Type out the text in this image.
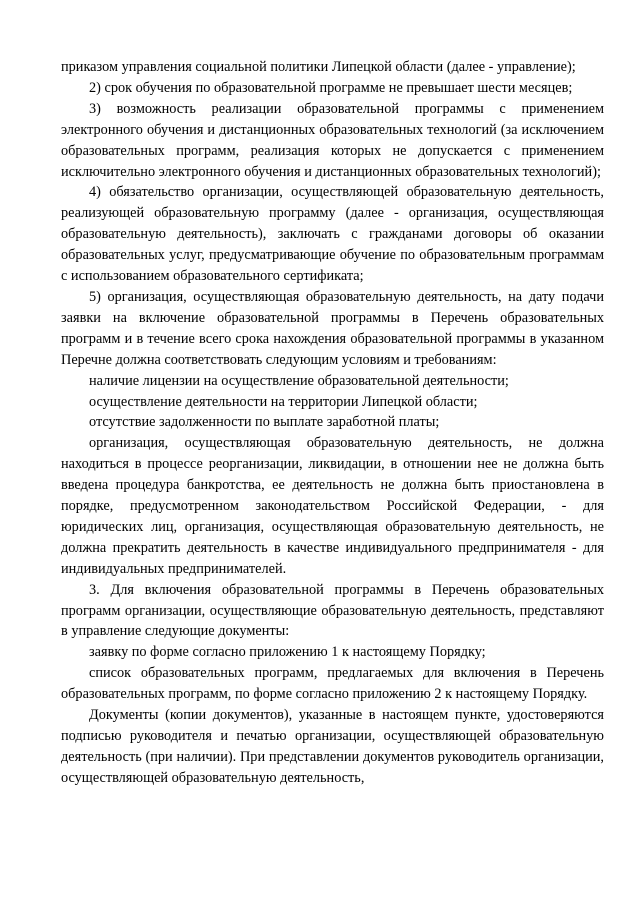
приказом управления социальной политики Липецкой области (далее - управление);

2) срок обучения по образовательной программе не превышает шести месяцев;

3) возможность реализации образовательной программы с применением электронного обучения и дистанционных образовательных технологий (за исключением образовательных программ, реализация которых не допускается с применением исключительно электронного обучения и дистанционных образовательных технологий);

4) обязательство организации, осуществляющей образовательную деятельность, реализующей образовательную программу (далее - организация, осуществляющая образовательную деятельность), заключать с гражданами договоры об оказании образовательных услуг, предусматривающие обучение по образовательным программам с использованием образовательного сертификата;

5) организация, осуществляющая образовательную деятельность, на дату подачи заявки на включение образовательной программы в Перечень образовательных программ и в течение всего срока нахождения образовательной программы в указанном Перечне должна соответствовать следующим условиям и требованиям:

наличие лицензии на осуществление образовательной деятельности;

осуществление деятельности на территории Липецкой области;

отсутствие задолженности по выплате заработной платы;

организация, осуществляющая образовательную деятельность, не должна находиться в процессе реорганизации, ликвидации, в отношении нее не должна быть введена процедура банкротства, ее деятельность не должна быть приостановлена в порядке, предусмотренном законодательством Российской Федерации, - для юридических лиц, организация, осуществляющая образовательную деятельность, не должна прекратить деятельность в качестве индивидуального предпринимателя - для индивидуальных предпринимателей.

3. Для включения образовательной программы в Перечень образовательных программ организации, осуществляющие образовательную деятельность, представляют в управление следующие документы:

заявку по форме согласно приложению 1 к настоящему Порядку;

список образовательных программ, предлагаемых для включения в Перечень образовательных программ, по форме согласно приложению 2 к настоящему Порядку.

Документы (копии документов), указанные в настоящем пункте, удостоверяются подписью руководителя и печатью организации, осуществляющей образовательную деятельность (при наличии). При представлении документов руководитель организации, осуществляющей образовательную деятельность,
